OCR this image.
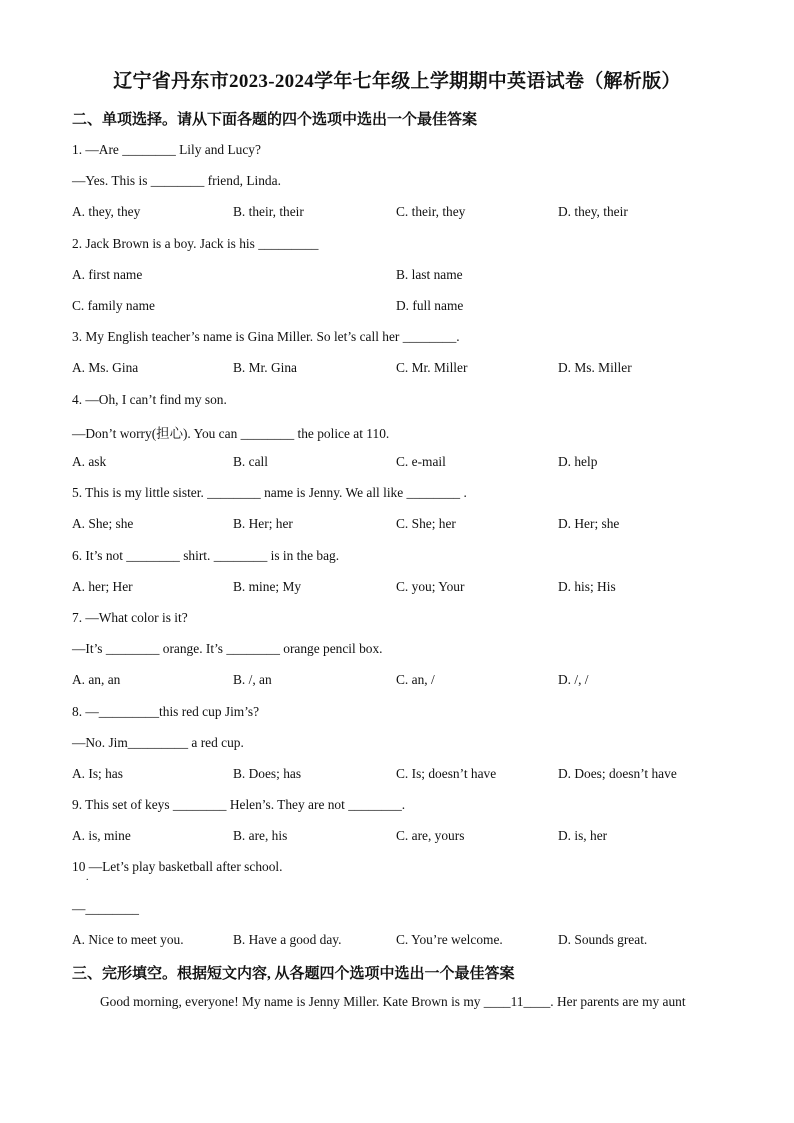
辽宁省丹东市2023-2024学年七年级上学期期中英语试卷（解析版）
二、单项选择。请从下面各题的四个选项中选出一个最佳答案
1. —Are ________ Lily and Lucy?
—Yes. This is ________ friend, Linda.
A. they, they	B. their, their	C. their, they	D. they, their
2. Jack Brown is a boy. Jack is his _________
A. first name	B. last name
C. family name	D. full name
3. My English teacher’s name is Gina Miller. So let’s call her ________.
A. Ms. Gina	B. Mr. Gina	C. Mr. Miller	D. Ms. Miller
4. —Oh, I can’t find my son.
—Don’t worry(担心). You can ________ the police at 110.
A. ask	B. call	C. e-mail	D. help
5. This is my little sister. ________ name is Jenny. We all like ________ .
A. She; she	B. Her; her	C. She; her	D. Her; she
6. It’s not ________ shirt. ________ is in the bag.
A. her; Her	B. mine; My	C. you; Your	D. his; His
7. —What color is it?
—It’s ________ orange. It’s ________ orange pencil box.
A. an, an	B. /, an	C. an, /	D. /, /
8. —_________this red cup Jim’s?
—No. Jim_________ a red cup.
A. Is; has	B. Does; has	C. Is; doesn’t have	D. Does; doesn’t have
9. This set of keys ________ Helen’s. They are not ________.
A. is, mine	B. are, his	C. are, yours	D. is, her
10 —Let’s play basketball after school.
.
—________
A. Nice to meet you.	B. Have a good day.	C. You’re welcome.	D. Sounds great.
三、完形填空。根据短文内容, 从各题四个选项中选出一个最佳答案
Good morning, everyone! My name is Jenny Miller. Kate Brown is my ____11____. Her parents are my aunt
